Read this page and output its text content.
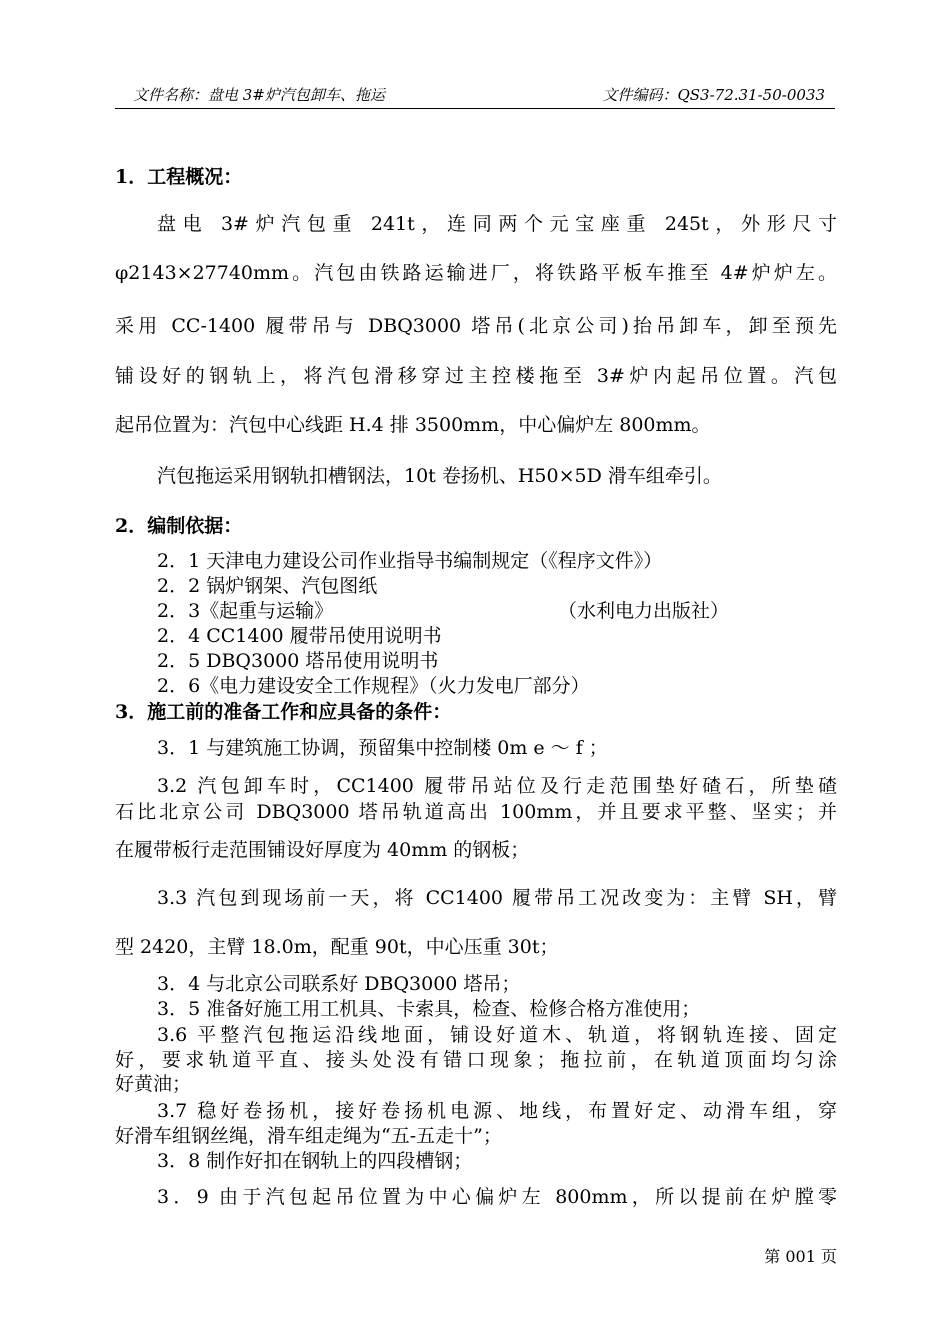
文件名称：盘电 3#炉汽包卸车、拖运	文件编码：QS3-72.31-50-0033
1．工程概况：
盘电 3#炉汽包重 241t，连同两个元宝座重 245t，外形尺寸
φ2143×27740mm。汽包由铁路运输进厂，将铁路平板车推至 4#炉炉左。
采用 CC-1400 履带吊与 DBQ3000 塔吊(北京公司)抬吊卸车，卸至预先
铺设好的钢轨上，将汽包滑移穿过主控楼拖至 3#炉内起吊位置。汽包
起吊位置为：汽包中心线距 H.4 排 3500mm，中心偏炉左 800mm。
汽包拖运采用钢轨扣槽钢法，10t 卷扬机、H50×5D 滑车组牵引。
2．编制依据：
2．1 天津电力建设公司作业指导书编制规定（《程序文件》）
2．2 锅炉钢架、汽包图纸
2．3《起重与运输》	（水利电力出版社）
2．4 CC1400 履带吊使用说明书
2．5 DBQ3000 塔吊使用说明书
2．6《电力建设安全工作规程》（火力发电厂部分）
3．施工前的准备工作和应具备的条件：
3．1 与建筑施工协调，预留集中控制楼 0m e ～ f ；
3.2 汽包卸车时，CC1400 履带吊站位及行走范围垫好碴石，所垫碴
石比北京公司 DBQ3000 塔吊轨道高出 100mm，并且要求平整、坚实；并
在履带板行走范围铺设好厚度为 40mm 的钢板；
3.3 汽包到现场前一天，将 CC1400 履带吊工况改变为：主臂 SH，臂
型 2420，主臂 18.0m，配重 90t，中心压重 30t；
3．4 与北京公司联系好 DBQ3000 塔吊；
3．5 准备好施工用工机具、卡索具，检查、检修合格方准使用；
3.6 平整汽包拖运沿线地面，铺设好道木、轨道，将钢轨连接、固定
好，要求轨道平直、接头处没有错口现象；拖拉前，在轨道顶面均匀涂
好黄油；
3.7 稳好卷扬机，接好卷扬机电源、地线，布置好定、动滑车组，穿
好滑车组钢丝绳，滑车组走绳为“五-五走十”；
3．8 制作好扣在钢轨上的四段槽钢；
3．9 由于汽包起吊位置为中心偏炉左 800mm，所以提前在炉膛零
第 001 页
